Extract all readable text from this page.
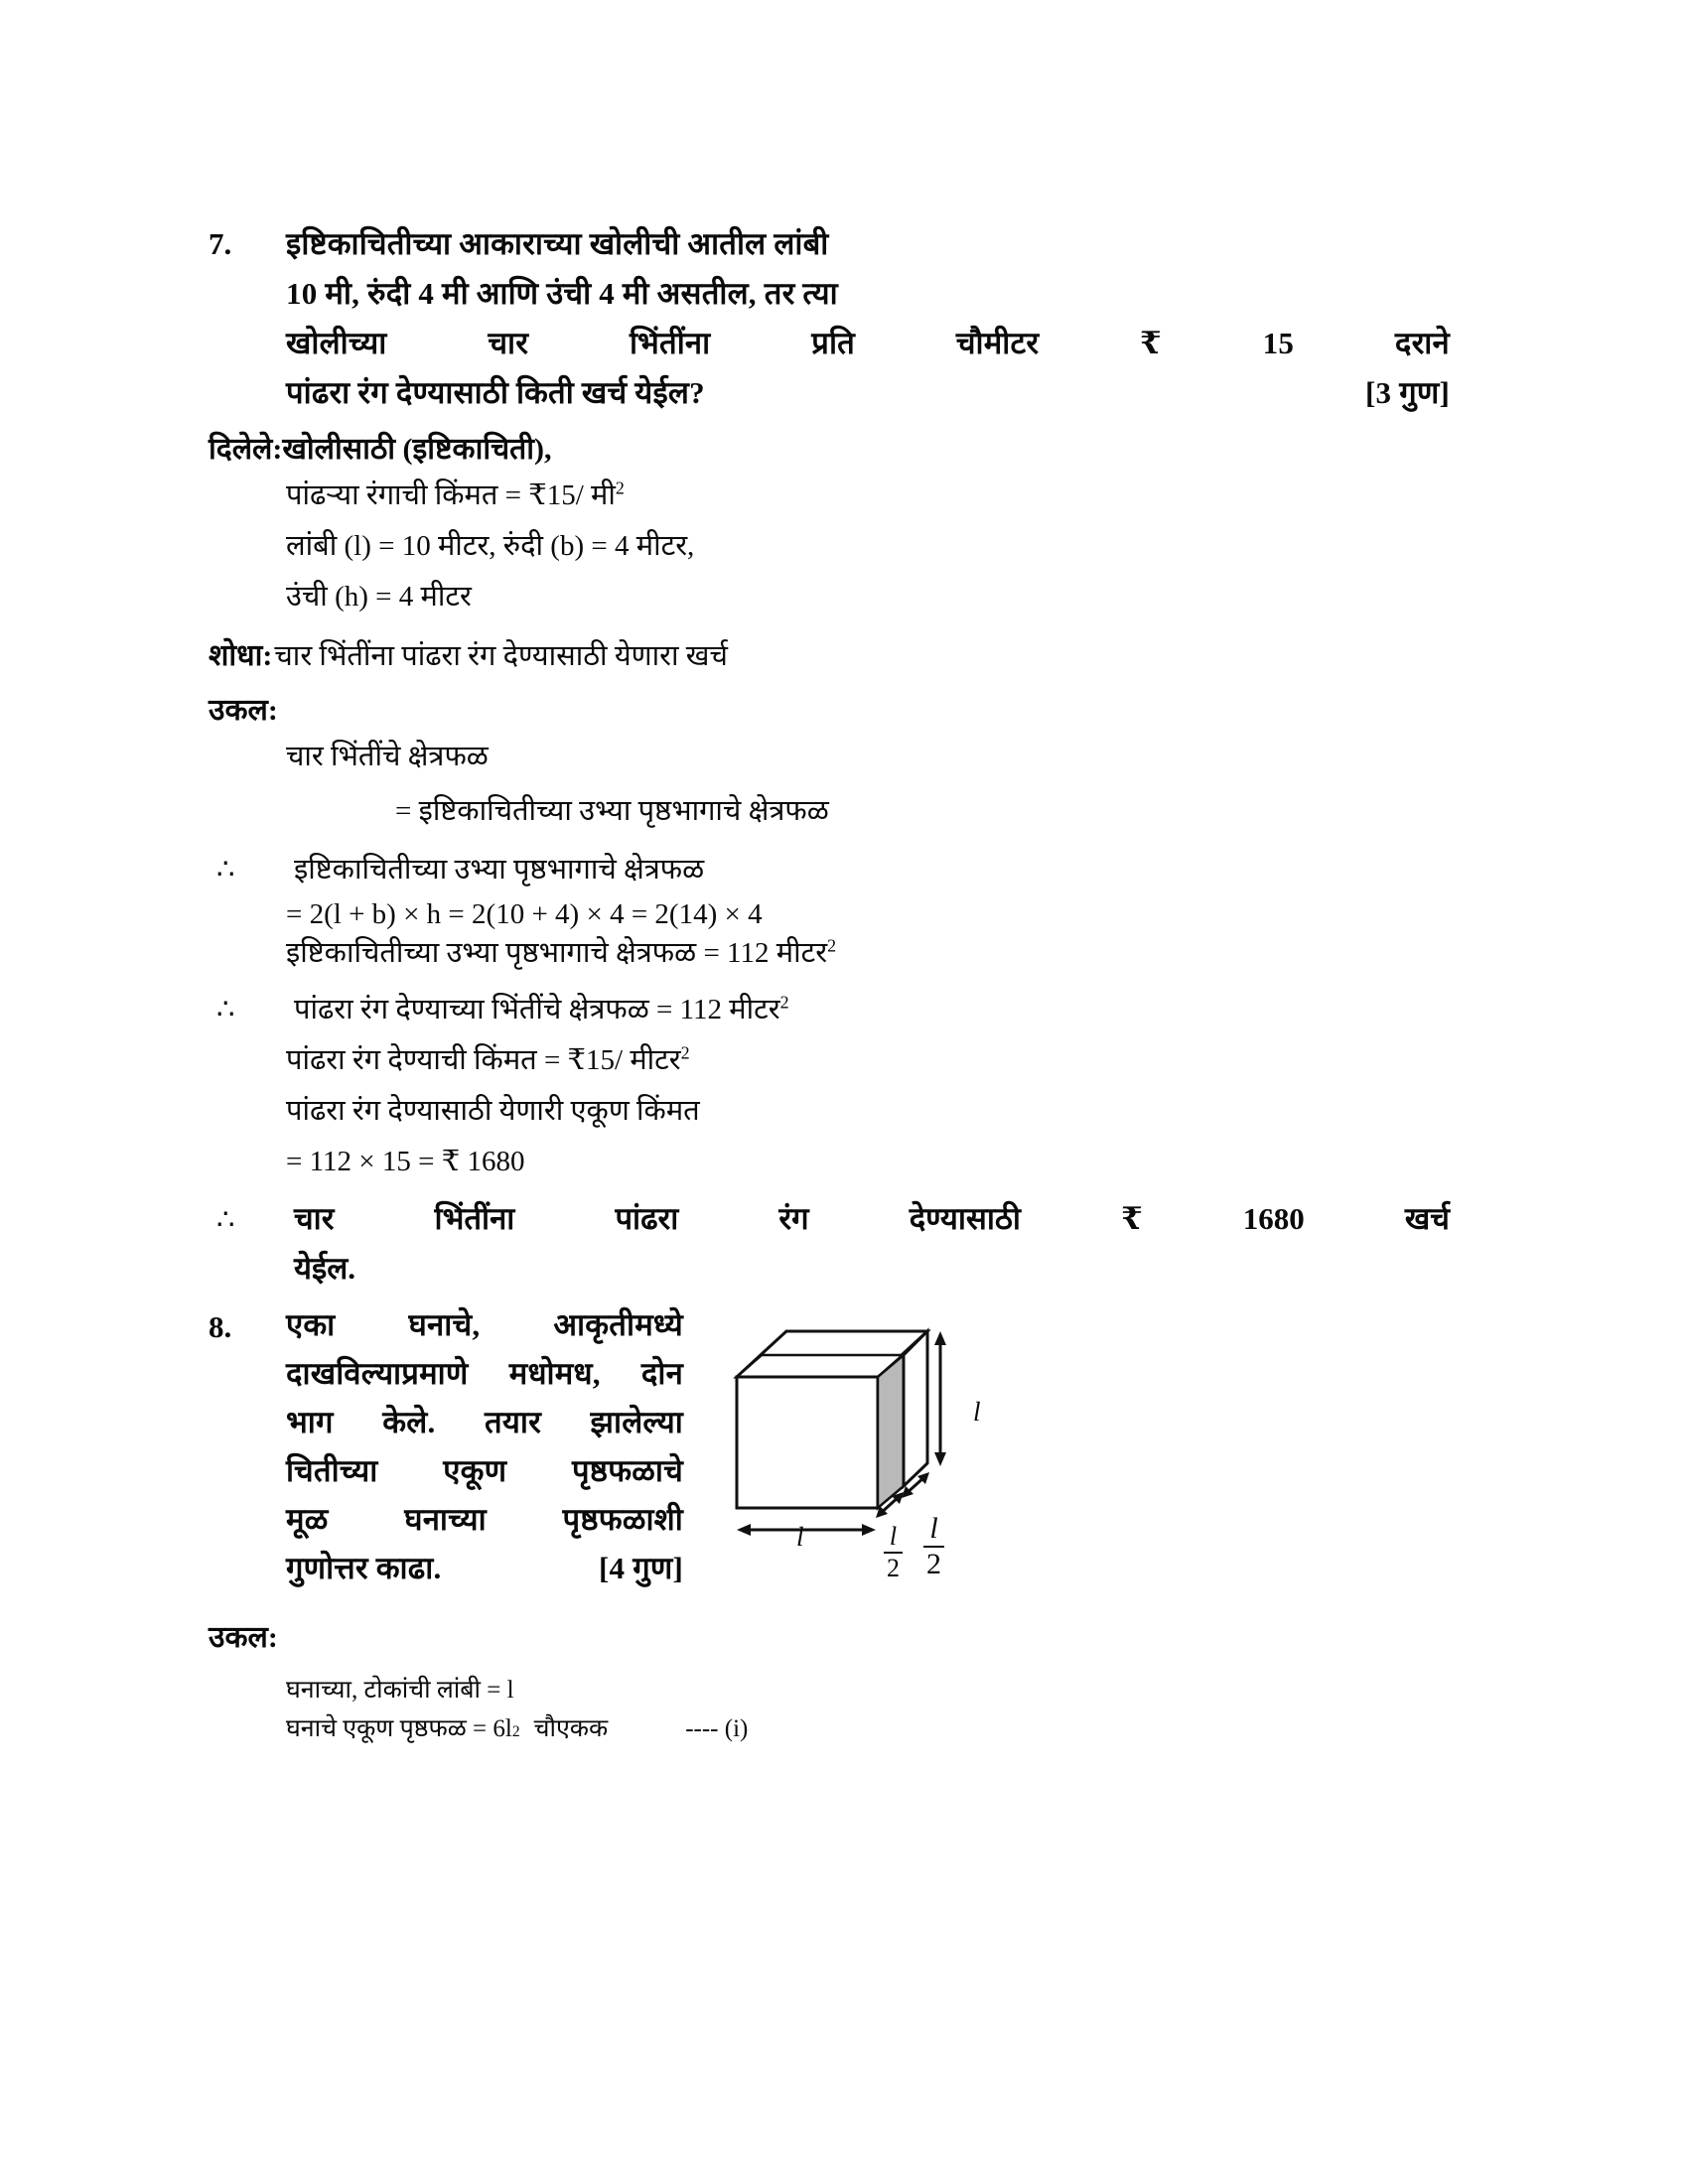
7.	इष्टिकाचितीच्या आकाराच्या खोलीची आतील लांबी
10 मी, रुंदी 4 मी आणि उंची 4 मी असतील, तर त्या
खोलीच्या	चार	भिंतींना	प्रति	चौमीटर	₹	15	दराने
पांढरा रंग देण्यासाठी किती खर्च येईल?	[3 गुण]
दिलेले: खोलीसाठी (इष्टिकाचिती),
पांढऱ्या रंगाची किंमत = ₹15/ मी$^2$
लांबी (l) = 10 मीटर, रुंदी (b) = 4 मीटर,
उंची (h) = 4 मीटर
शोधा: चार भिंतींना पांढरा रंग देण्यासाठी येणारा खर्च
उकल:
चार भिंतींचे क्षेत्रफळ
= इष्टिकाचितीच्या उभ्या पृष्ठभागाचे क्षेत्रफळ
∴	इष्टिकाचितीच्या उभ्या पृष्ठभागाचे क्षेत्रफळ
= 2(l + b) × h = 2(10 + 4) × 4 = 2(14) × 4
इष्टिकाचितीच्या उभ्या पृष्ठभागाचे क्षेत्रफळ = 112 मीटर$^2$
∴	पांढरा रंग देण्याच्या भिंतींचे क्षेत्रफळ = 112 मीटर$^2$
पांढरा रंग देण्याची किंमत = ₹15/ मीटर$^2$
पांढरा रंग देण्यासाठी येणारी एकूण किंमत
= 112 × 15 = ₹ 1680
∴	चार	भिंतींना	पांढरा	रंग	देण्यासाठी	₹	1680	खर्च
येईल.
8.	एका घनाचे, आकृतीमध्ये
दाखविल्याप्रमाणे मधोमध, दोन
भाग केले. तयार झालेल्या
चितीच्या एकूण पृष्ठफळाचे
मूळ घनाच्या पृष्ठफळाशी
गुणोत्तर काढा.	[4 गुण]
l
l	l
2
l
2
उकल:
घनाच्या, टोकांची लांबी = l
घनाचे एकूण पृष्ठफळ = 6l 2 चौएकक	---- (i)
